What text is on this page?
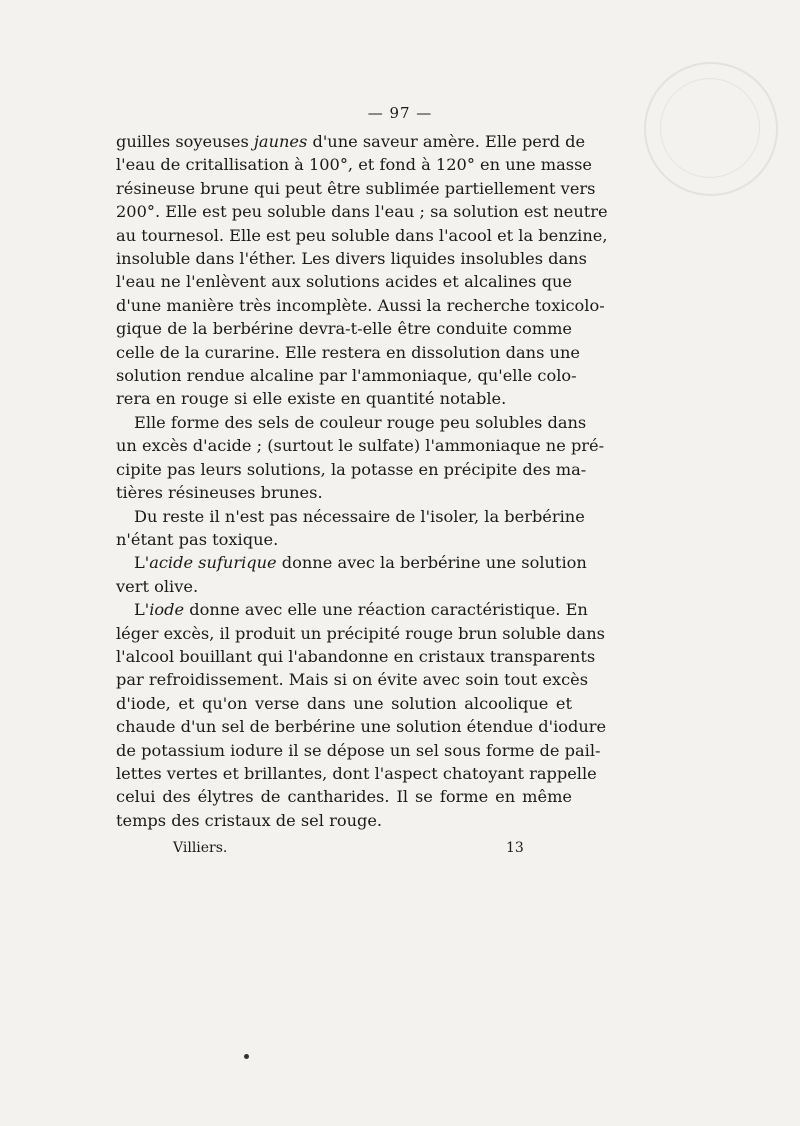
— 97 —
guilles soyeuses jaunes d'une saveur amère. Elle perd de
l'eau de critallisation à 100°, et fond à 120° en une masse
résineuse brune qui peut être sublimée partiellement vers
200°. Elle est peu soluble dans l'eau ; sa solution est neutre
au tournesol. Elle est peu soluble dans l'acool et la benzine,
insoluble dans l'éther. Les divers liquides insolubles dans
l'eau ne l'enlèvent aux solutions acides et alcalines que
d'une manière très incomplète. Aussi la recherche toxicolo-
gique de la berbérine devra-t-elle être conduite comme
celle de la curarine. Elle restera en dissolution dans une
solution rendue alcaline par l'ammoniaque, qu'elle colo-
rera en rouge si elle existe en quantité notable.
Elle forme des sels de couleur rouge peu solubles dans
un excès d'acide ; (surtout le sulfate) l'ammoniaque ne pré-
cipite pas leurs solutions, la potasse en précipite des ma-
tières résineuses brunes.
Du reste il n'est pas nécessaire de l'isoler, la berbérine
n'étant pas toxique.
L'acide sufurique donne avec la berbérine une solution
vert olive.
L'iode donne avec elle une réaction caractéristique. En
léger excès, il produit un précipité rouge brun soluble dans
l'alcool bouillant qui l'abandonne en cristaux transparents
par refroidissement. Mais si on évite avec soin tout excès
d'iode, et qu'on verse dans une solution alcoolique et
chaude d'un sel de berbérine une solution étendue d'iodure
de potassium iodure il se dépose un sel sous forme de pail-
lettes vertes et brillantes, dont l'aspect chatoyant rappelle
celui des élytres de cantharides. Il se forme en même
temps des cristaux de sel rouge.
Villiers.	13
